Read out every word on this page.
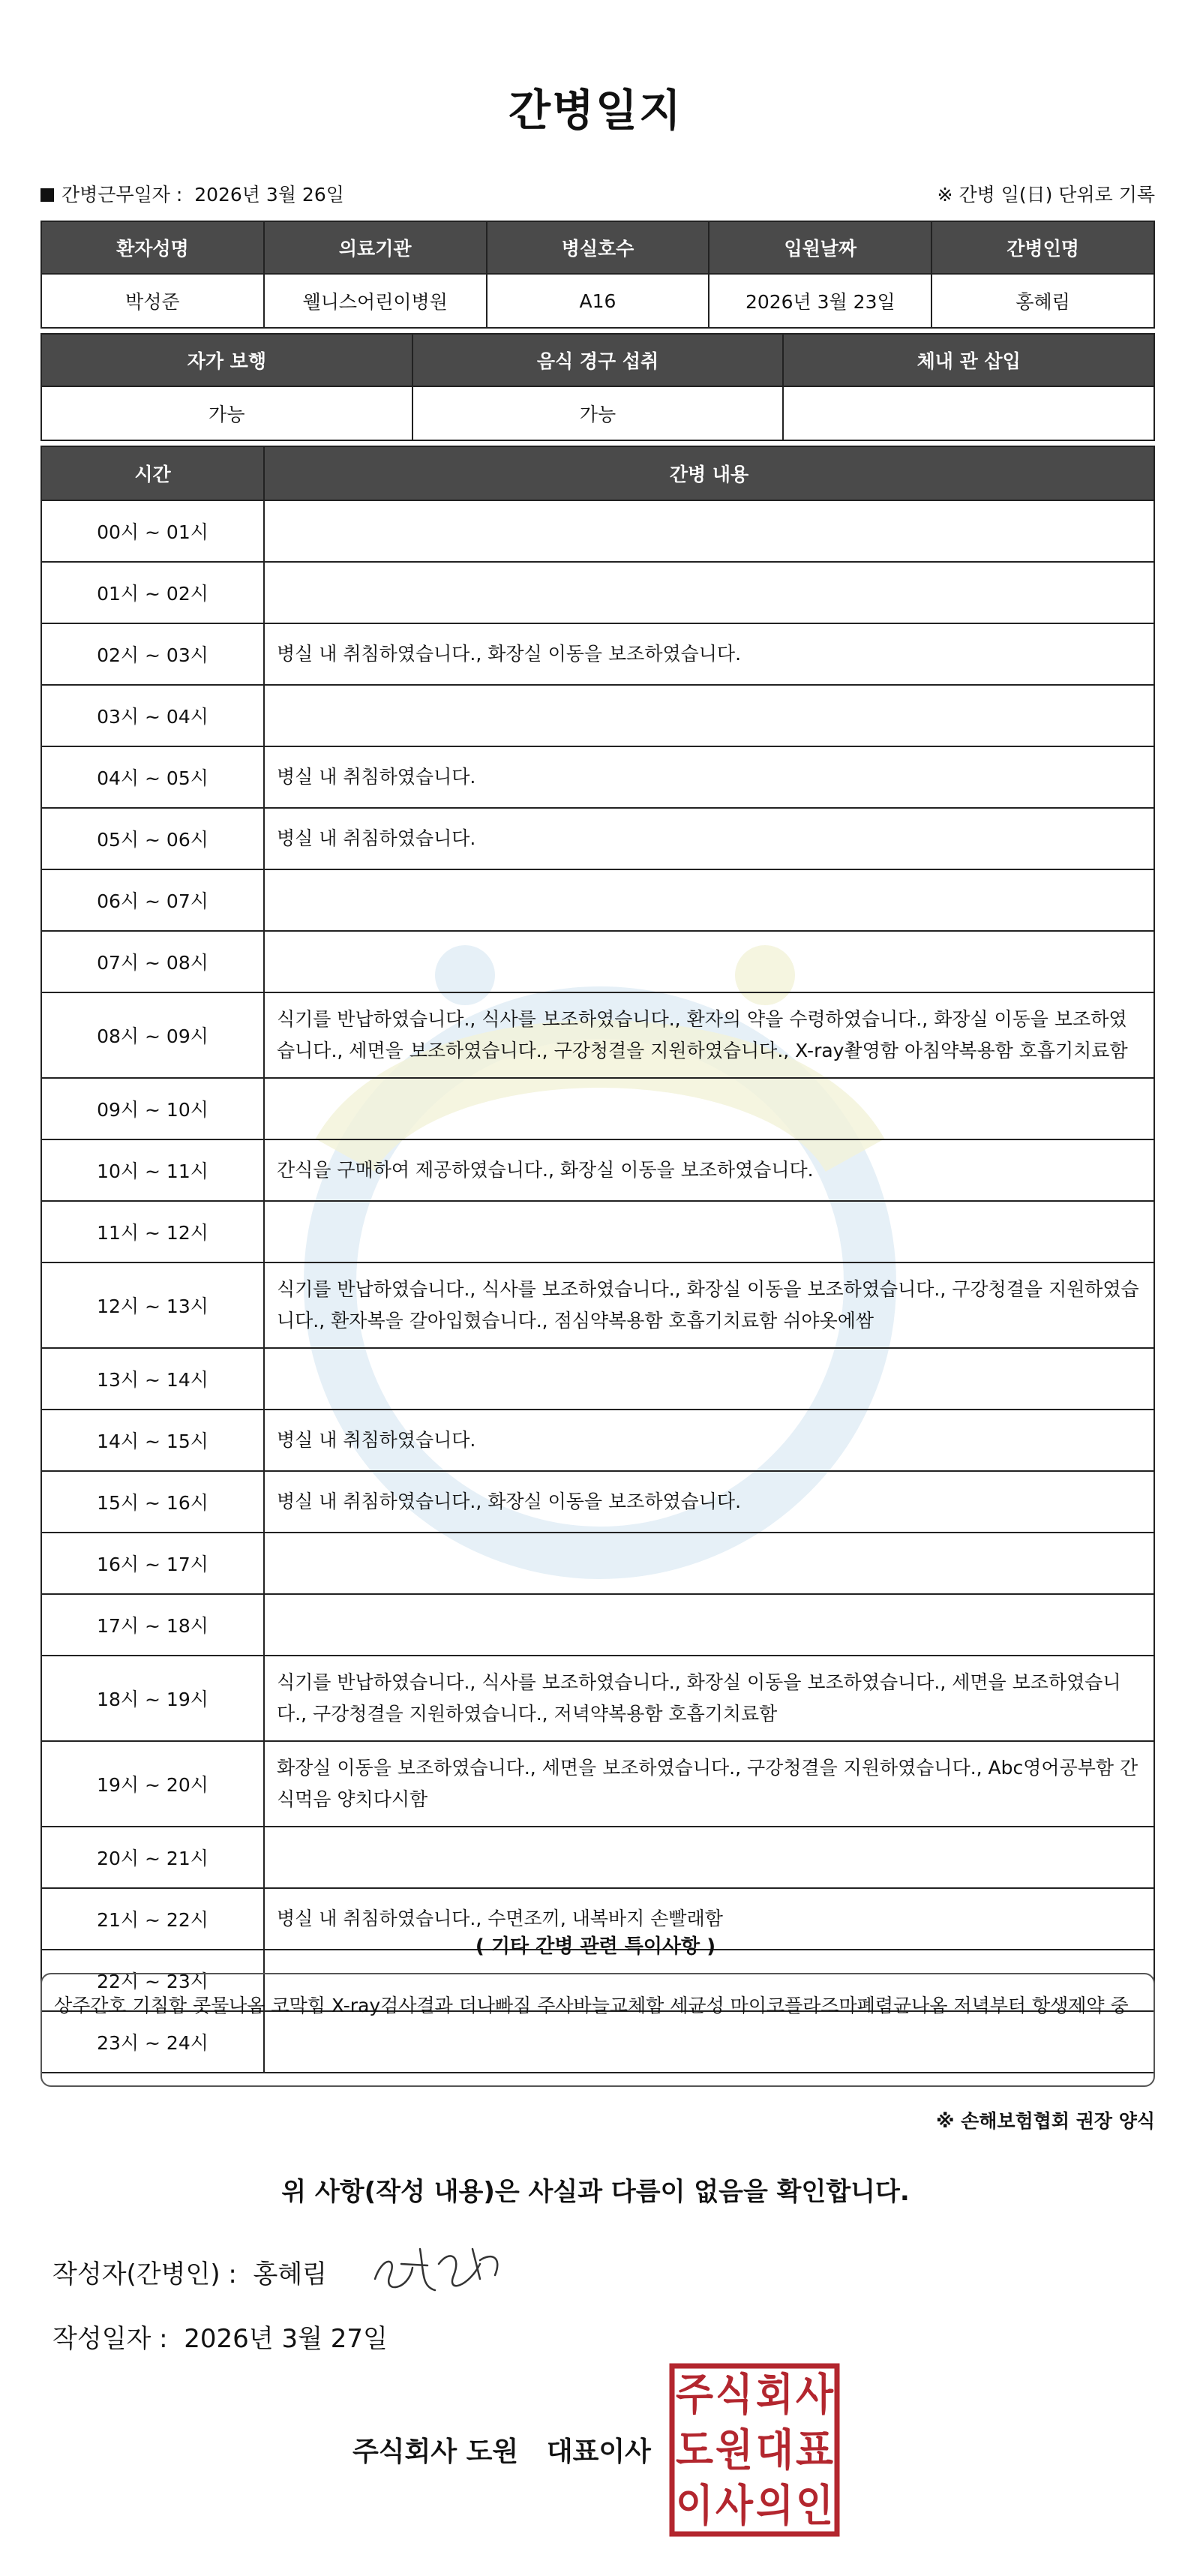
간병일지
간병근무일자 : 2026년 3월 26일	※ 간병 일(日) 단위로 기록
환자성명	의료기관	병실호수	입원날짜	간병인명
박성준	웰니스어린이병원	A16	2026년 3월 23일	홍혜림
자가 보행	음식 경구 섭취	체내 관 삽입
가능	가능	
시간	간병 내용
00시 ~ 01시	
01시 ~ 02시	
02시 ~ 03시	병실 내 취침하였습니다., 화장실 이동을 보조하였습니다.
03시 ~ 04시	
04시 ~ 05시	병실 내 취침하였습니다.
05시 ~ 06시	병실 내 취침하였습니다.
06시 ~ 07시	
07시 ~ 08시	
08시 ~ 09시	식기를 반납하였습니다., 식사를 보조하였습니다., 환자의 약을 수령하였습니다., 화장실 이동을 보조하였습니다., 세면을 보조하였습니다., 구강청결을 지원하였습니다., X-ray촬영함 아침약복용함 호흡기치료함
09시 ~ 10시	
10시 ~ 11시	간식을 구매하여 제공하였습니다., 화장실 이동을 보조하였습니다.
11시 ~ 12시	
12시 ~ 13시	식기를 반납하였습니다., 식사를 보조하였습니다., 화장실 이동을 보조하였습니다., 구강청결을 지원하였습니다., 환자복을 갈아입혔습니다., 점심약복용함 호흡기치료함 쉬야옷에쌈
13시 ~ 14시	
14시 ~ 15시	병실 내 취침하였습니다.
15시 ~ 16시	병실 내 취침하였습니다., 화장실 이동을 보조하였습니다.
16시 ~ 17시	
17시 ~ 18시	
18시 ~ 19시	식기를 반납하였습니다., 식사를 보조하였습니다., 화장실 이동을 보조하였습니다., 세면을 보조하였습니다., 구강청결을 지원하였습니다., 저녁약복용함 호흡기치료함
19시 ~ 20시	화장실 이동을 보조하였습니다., 세면을 보조하였습니다., 구강청결을 지원하였습니다., Abc영어공부함 간식먹음 양치다시함
20시 ~ 21시	
21시 ~ 22시	병실 내 취침하였습니다., 수면조끼, 내복바지 손빨래함
22시 ~ 23시	
23시 ~ 24시	
( 기타 간병 관련 특이사항 )
상주간호 기침함 콧물나옴 코막힘 X-ray검사결과 더나빠짐 주사바늘교체함 세균성 마이코플라즈마폐렴균나옴 저녁부터 항생제약 중
※ 손해보험협회 권장 양식
위 사항(작성 내용)은 사실과 다름이 없음을 확인합니다.
작성자(간병인) : 홍혜림
작성일자 : 2026년 3월 27일
주식회사 도원 대표이사
주 식 회 사
도 원 대 표
이 사 의 인
